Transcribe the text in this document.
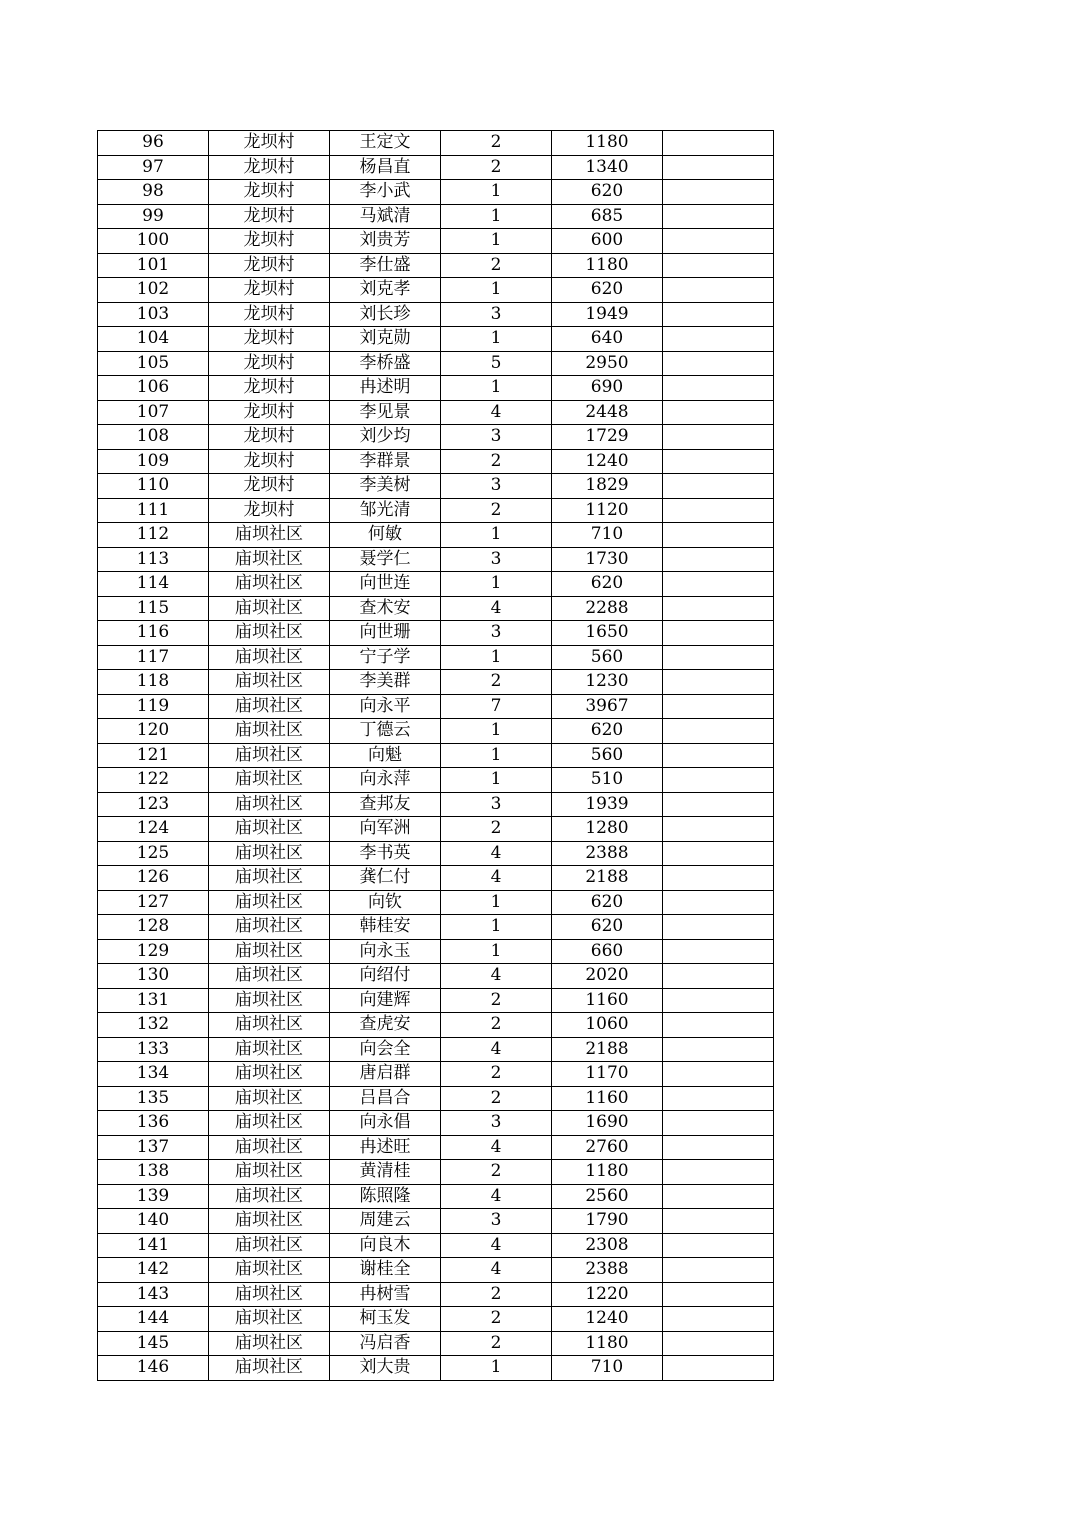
96	龙坝村	王定文	2	1180	
97	龙坝村	杨昌直	2	1340	
98	龙坝村	李小武	1	620	
99	龙坝村	马斌清	1	685	
100	龙坝村	刘贵芳	1	600	
101	龙坝村	李仕盛	2	1180	
102	龙坝村	刘克孝	1	620	
103	龙坝村	刘长珍	3	1949	
104	龙坝村	刘克勋	1	640	
105	龙坝村	李桥盛	5	2950	
106	龙坝村	冉述明	1	690	
107	龙坝村	李见景	4	2448	
108	龙坝村	刘少均	3	1729	
109	龙坝村	李群景	2	1240	
110	龙坝村	李美树	3	1829	
111	龙坝村	邹光清	2	1120	
112	庙坝社区	何敏	1	710	
113	庙坝社区	聂学仁	3	1730	
114	庙坝社区	向世连	1	620	
115	庙坝社区	查术安	4	2288	
116	庙坝社区	向世珊	3	1650	
117	庙坝社区	宁子学	1	560	
118	庙坝社区	李美群	2	1230	
119	庙坝社区	向永平	7	3967	
120	庙坝社区	丁德云	1	620	
121	庙坝社区	向魁	1	560	
122	庙坝社区	向永萍	1	510	
123	庙坝社区	查邦友	3	1939	
124	庙坝社区	向军洲	2	1280	
125	庙坝社区	李书英	4	2388	
126	庙坝社区	龚仁付	4	2188	
127	庙坝社区	向钦	1	620	
128	庙坝社区	韩桂安	1	620	
129	庙坝社区	向永玉	1	660	
130	庙坝社区	向绍付	4	2020	
131	庙坝社区	向建辉	2	1160	
132	庙坝社区	查虎安	2	1060	
133	庙坝社区	向会全	4	2188	
134	庙坝社区	唐启群	2	1170	
135	庙坝社区	吕昌合	2	1160	
136	庙坝社区	向永倡	3	1690	
137	庙坝社区	冉述旺	4	2760	
138	庙坝社区	黄清桂	2	1180	
139	庙坝社区	陈照隆	4	2560	
140	庙坝社区	周建云	3	1790	
141	庙坝社区	向良木	4	2308	
142	庙坝社区	谢桂全	4	2388	
143	庙坝社区	冉树雪	2	1220	
144	庙坝社区	柯玉发	2	1240	
145	庙坝社区	冯启香	2	1180	
146	庙坝社区	刘大贵	1	710	
